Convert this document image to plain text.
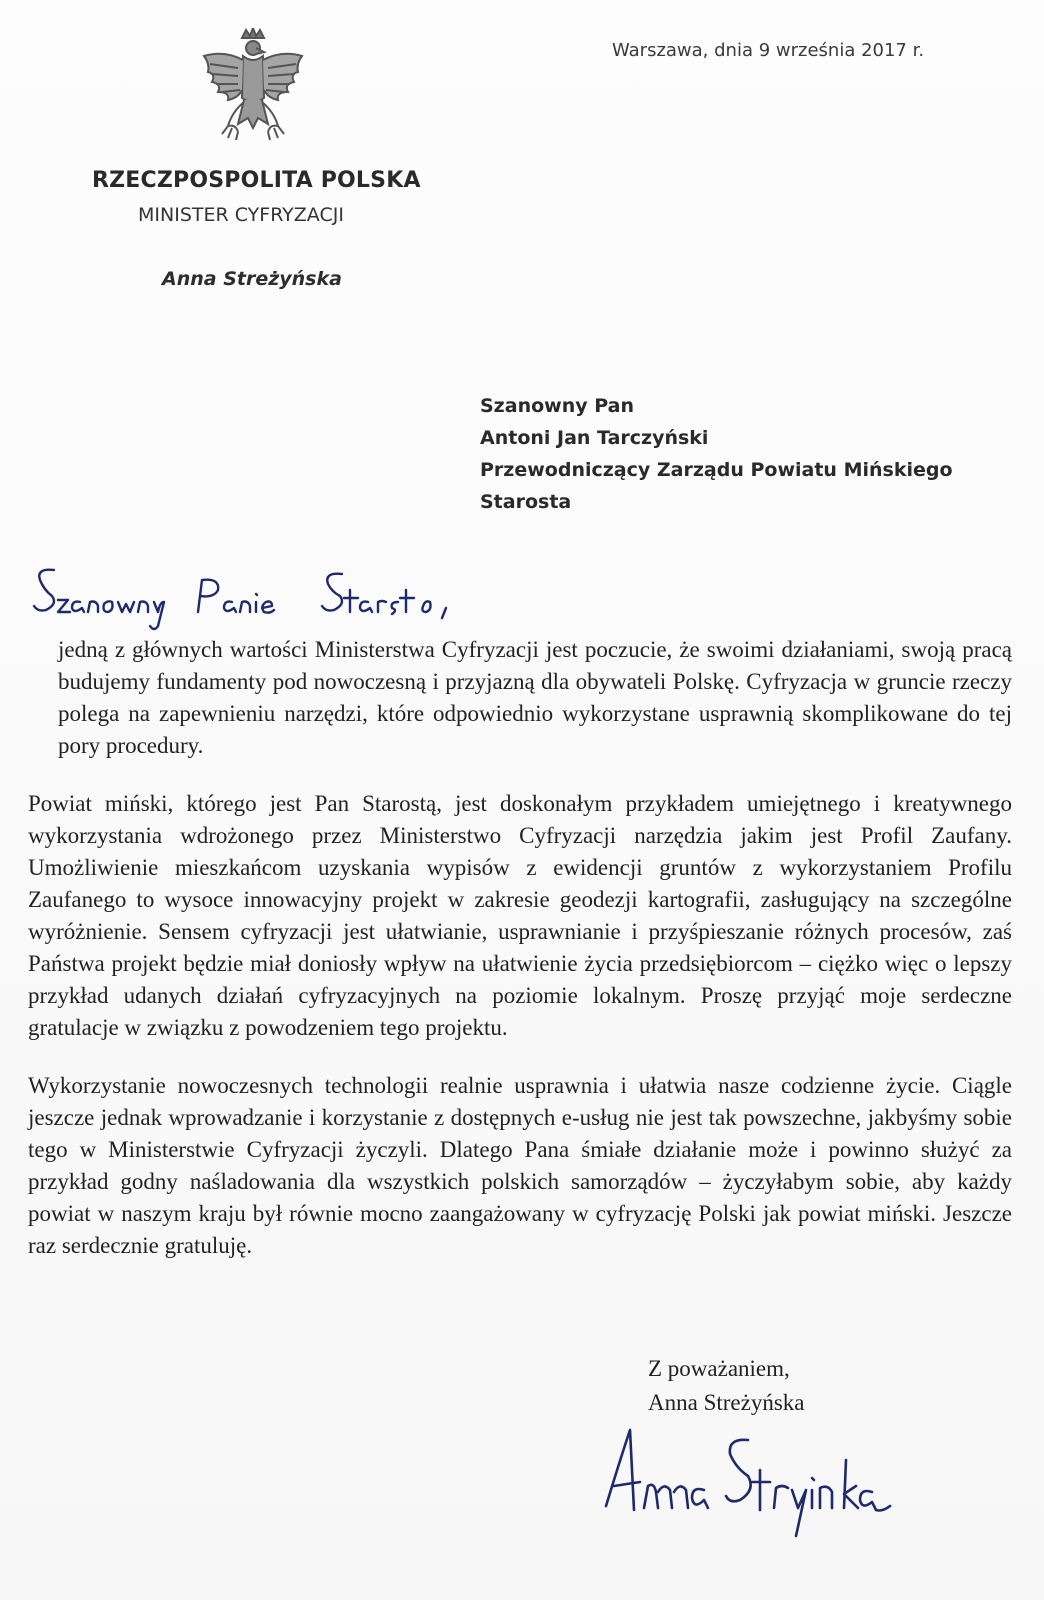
RZECZPOSPOLITA POLSKA
MINISTER CYFRYZACJI
Anna Streżyńska
Warszawa, dnia 9 września 2017 r.
Szanowny Pan
Antoni Jan Tarczyński
Przewodniczący Zarządu Powiatu Mińskiego
Starosta

jedną z głównych wartości Ministerstwa Cyfryzacji jest poczucie, że swoimi działaniami, swoją pracą budujemy fundamenty pod nowoczesną i przyjazną dla obywateli Polskę. Cyfryzacja w gruncie rzeczy polega na zapewnieniu narzędzi, które odpowiednio wykorzystane usprawnią skomplikowane do tej pory procedury.

Powiat miński, którego jest Pan Starostą, jest doskonałym przykładem umiejętnego i kreatywnego wykorzystania wdrożonego przez Ministerstwo Cyfryzacji narzędzia jakim jest Profil Zaufany. Umożliwienie mieszkańcom uzyskania wypisów z ewidencji gruntów z wykorzystaniem Profilu Zaufanego to wysoce innowacyjny projekt w zakresie geodezji kartografii, zasługujący na szczególne wyróżnienie. Sensem cyfryzacji jest ułatwianie, usprawnianie i przyśpieszanie różnych procesów, zaś Państwa projekt będzie miał doniosły wpływ na ułatwienie życia przedsiębiorcom – ciężko więc o lepszy przykład udanych działań cyfryzacyjnych na poziomie lokalnym. Proszę przyjąć moje serdeczne gratulacje w związku z powodzeniem tego projektu.

Wykorzystanie nowoczesnych technologii realnie usprawnia i ułatwia nasze codzienne życie. Ciągle jeszcze jednak wprowadzanie i korzystanie z dostępnych e-usług nie jest tak powszechne, jakbyśmy sobie tego w Ministerstwie Cyfryzacji życzyli. Dlatego Pana śmiałe działanie może i powinno służyć za przykład godny naśladowania dla wszystkich polskich samorządów – życzyłabym sobie, aby każdy powiat w naszym kraju był równie mocno zaangażowany w cyfryzację Polski jak powiat miński. Jeszcze raz serdecznie gratuluję.

Z poważaniem,
Anna Streżyńska
